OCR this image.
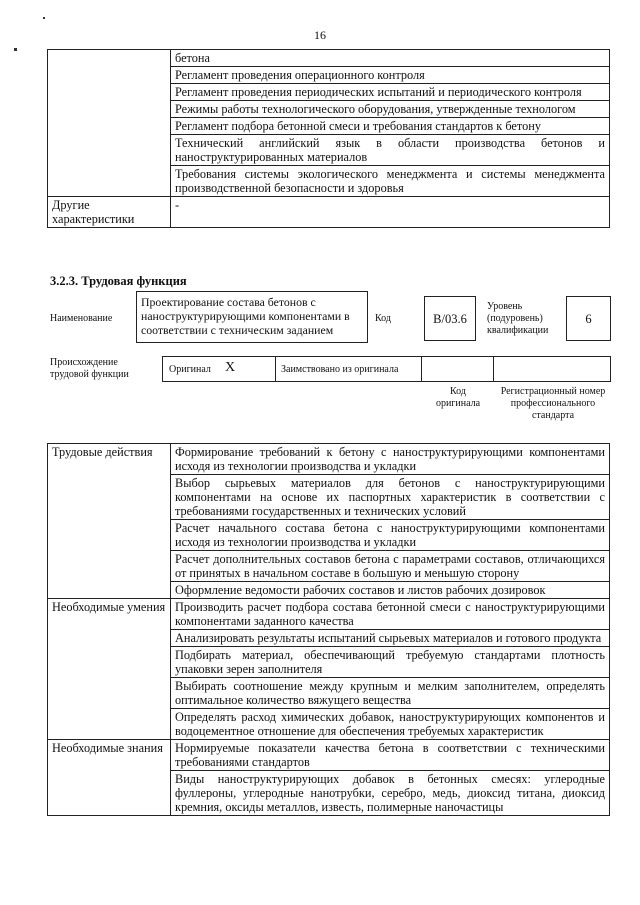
16
	бетона
	Регламент проведения операционного контроля
	Регламент проведения периодических испытаний и периодического контроля
	Режимы работы технологического оборудования, утвержденные технологом
	Регламент подбора бетонной смеси и требования стандартов к бетону
	Технический английский язык в области производства бетонов и наноструктурированных материалов
	Требования системы экологического менеджмента и системы менеджмента производственной безопасности и здоровья
Другие характеристики	-
3.2.3. Трудовая функция
Наименование
Проектирование состава бетонов с наноструктурирующими компонентами в соответствии с техническим заданием
Код	B/03.6
Уровень (подуровень) квалификации
6
Происхождение трудовой функции	Оригинал X	Заимствовано из оригинала
Код оригинала
Регистрационный номер профессионального стандарта
Трудовые действия	Формирование требований к бетону с наноструктурирующими компонентами исходя из технологии производства и укладки
	Выбор сырьевых материалов для бетонов с наноструктурирующими компонентами на основе их паспортных характеристик в соответствии с требованиями государственных и технических условий
	Расчет начального состава бетона с наноструктурирующими компонентами исходя из технологии производства и укладки
	Расчет дополнительных составов бетона с параметрами составов, отличающихся от принятых в начальном составе в большую и меньшую сторону
	Оформление ведомости рабочих составов и листов рабочих дозировок
Необходимые умения	Производить расчет подбора состава бетонной смеси с наноструктурирующими компонентами заданного качества
	Анализировать результаты испытаний сырьевых материалов и готового продукта
	Подбирать материал, обеспечивающий требуемую стандартами плотность упаковки зерен заполнителя
	Выбирать соотношение между крупным и мелким заполнителем, определять оптимальное количество вяжущего вещества
	Определять расход химических добавок, наноструктурирующих компонентов и водоцементное отношение для обеспечения требуемых характеристик
Необходимые знания	Нормируемые показатели качества бетона в соответствии с техническими требованиями стандартов
	Виды наноструктурирующих добавок в бетонных смесях: углеродные фуллероны, углеродные нанотрубки, серебро, медь, диоксид титана, диоксид кремния, оксиды металлов, известь, полимерные наночастицы
